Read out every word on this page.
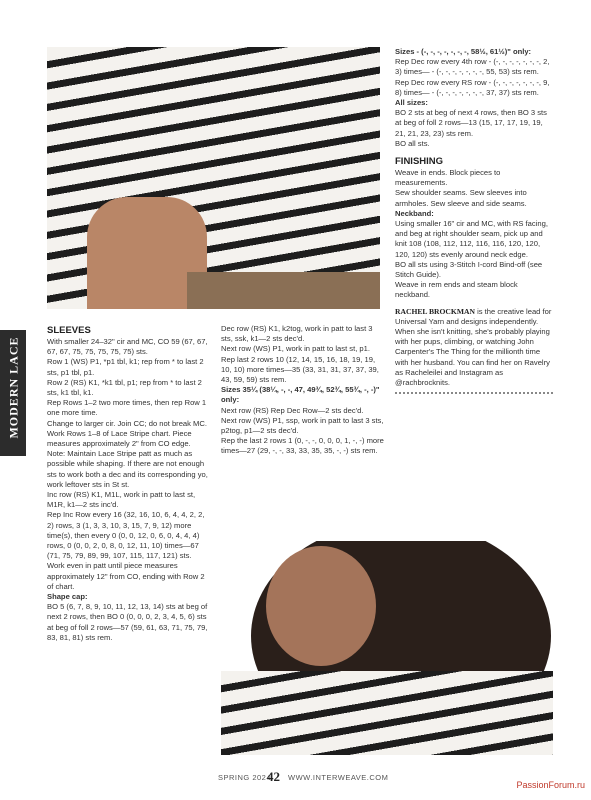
MODERN LACE

SLEEVES

With smaller 24–32" cir and MC, CO 59 (67, 67, 67, 67, 75, 75, 75, 75, 75) sts.

Row 1 (WS) P1, *p1 tbl, k1; rep from * to last 2 sts, p1 tbl, p1.

Row 2 (RS) K1, *k1 tbl, p1; rep from * to last 2 sts, k1 tbl, k1.

Rep Rows 1–2 two more times, then rep Row 1 one more time.

Change to larger cir. Join CC; do not break MC.

Work Rows 1–8 of Lace Stripe chart. Piece measures approximately 2" from CO edge.

Note: Maintain Lace Stripe patt as much as possible while shaping. If there are not enough sts to work both a dec and its corresponding yo, work leftover sts in St st.

Inc row (RS) K1, M1L, work in patt to last st, M1R, k1—2 sts inc'd.

Rep Inc Row every 16 (32, 16, 10, 6, 4, 4, 2, 2, 2) rows, 3 (1, 3, 3, 10, 3, 15, 7, 9, 12) more time(s), then every 0 (0, 0, 12, 0, 6, 0, 4, 4, 4) rows, 0 (0, 0, 2, 0, 8, 0, 12, 11, 10) times—67 (71, 75, 79, 89, 99, 107, 115, 117, 121) sts.

Work even in patt until piece measures approximately 12" from CO, ending with Row 2 of chart.

Shape cap:

BO 5 (6, 7, 8, 9, 10, 11, 12, 13, 14) sts at beg of next 2 rows, then BO 0 (0, 0, 0, 2, 3, 4, 5, 6) sts at beg of foll 2 rows—57 (59, 61, 63, 71, 75, 79, 83, 81, 81) sts rem.

Dec row (RS) K1, k2tog, work in patt to last 3 sts, ssk, k1—2 sts dec'd.

Next row (WS) P1, work in patt to last st, p1.

Rep last 2 rows 10 (12, 14, 15, 16, 18, 19, 19, 10, 10) more times—35 (33, 31, 31, 37, 37, 39, 43, 59, 59) sts rem.

Sizes 35¼ (38¼, -, -, 47, 49¾, 52¾, 55¾, -, -)" only:

Next row (RS) Rep Dec Row—2 sts dec'd.

Next row (WS) P1, ssp, work in patt to last 3 sts, p2tog, p1—2 sts dec'd.

Rep the last 2 rows 1 (0, -, -, 0, 0, 0, 1, -, -) more times—27 (29, -, -, 33, 33, 35, 35, -, -) sts rem.

Sizes - (-, -, -, -, -, -, -, 58½, 61½)" only:

Rep Dec row every 4th row - (-, -, -, -, -, -, -, 2, 3) times— - (-, -, -, -, -, -, -, 55, 53) sts rem.

Rep Dec row every RS row - (-, -, -, -, -, -, -, 9, 8) times— - (-, -, -, -, -, -, -, 37, 37) sts rem.

All sizes:

BO 2 sts at beg of next 4 rows, then BO 3 sts at beg of foll 2 rows—13 (15, 17, 17, 19, 19, 21, 21, 23, 23) sts rem.

BO all sts.

FINISHING

Weave in ends. Block pieces to measurements.

Sew shoulder seams. Sew sleeves into armholes. Sew sleeve and side seams.

Neckband:

Using smaller 16" cir and MC, with RS facing, and beg at right shoulder seam, pick up and knit 108 (108, 112, 112, 116, 116, 120, 120, 120, 120) sts evenly around neck edge.

BO all sts using 3-Stitch I-cord Bind-off (see Stitch Guide).

Weave in rem ends and steam block neckband.

RACHEL BROCKMAN is the creative lead for Universal Yarn and designs independently. When she isn't knitting, she's probably playing with her pups, climbing, or watching John Carpenter's The Thing for the millionth time with her husband. You can find her on Ravelry as Racheleilei and Instagram as @rachbrocknits.

SPRING 2024
42 WWW.INTERWEAVE.COM
PassionForum.ru
